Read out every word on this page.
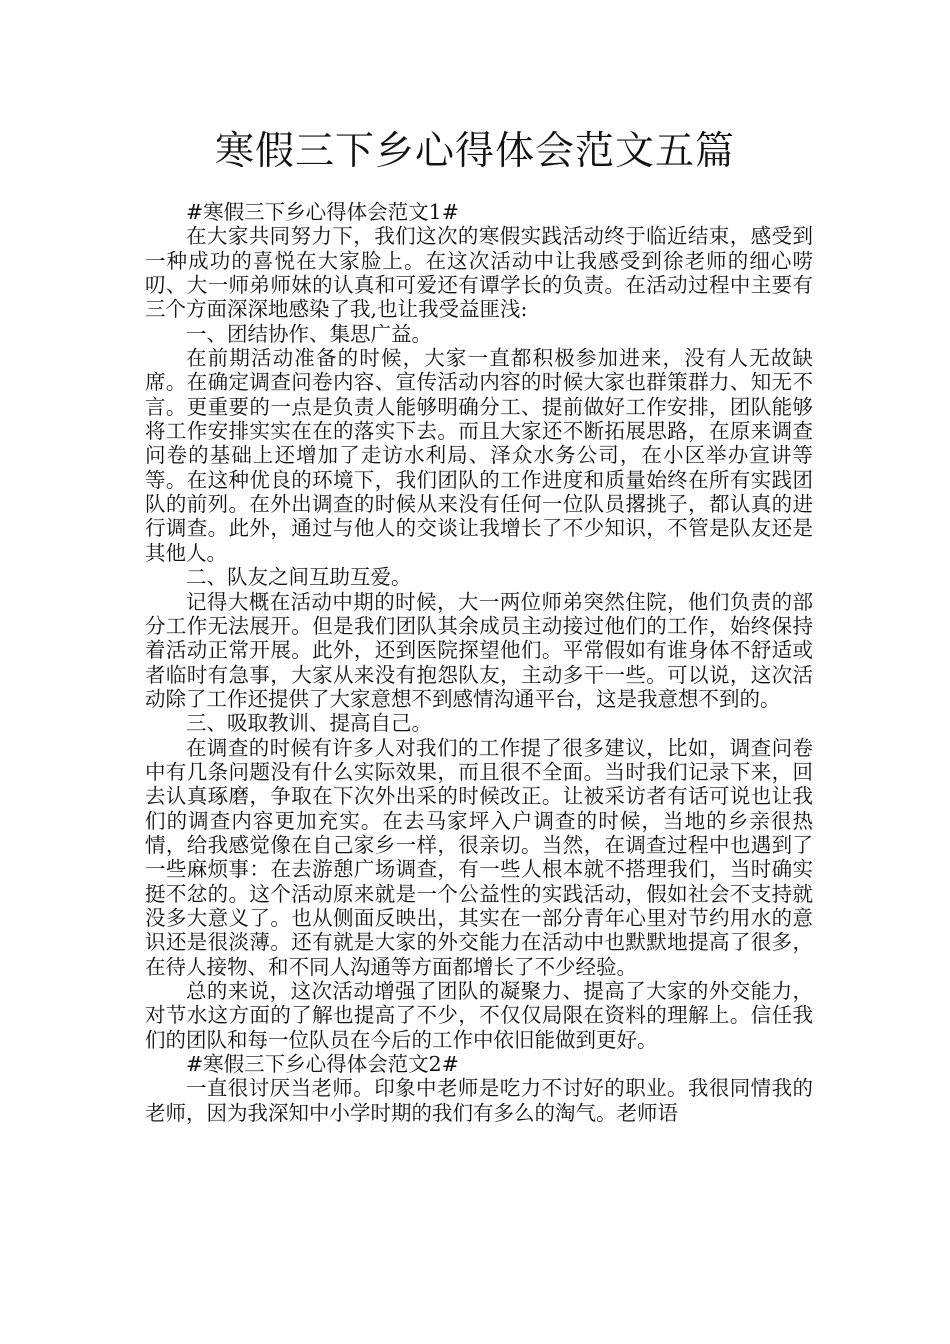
寒假三下乡心得体会范文五篇

#寒假三下乡心得体会范文1#

在大家共同努力下，我们这次的寒假实践活动终于临近结束，感受到一种成功的喜悦在大家脸上。在这次活动中让我感受到徐老师的细心唠叨、大一师弟师妹的认真和可爱还有谭学长的负责。在活动过程中主要有三个方面深深地感染了我,也让我受益匪浅:

一、团结协作、集思广益。

在前期活动准备的时候，大家一直都积极参加进来，没有人无故缺席。在确定调查问卷内容、宣传活动内容的时候大家也群策群力、知无不言。更重要的一点是负责人能够明确分工、提前做好工作安排，团队能够将工作安排实实在在的落实下去。而且大家还不断拓展思路，在原来调查问卷的基础上还增加了走访水利局、泽众水务公司，在小区举办宣讲等等。在这种优良的环境下，我们团队的工作进度和质量始终在所有实践团队的前列。在外出调查的时候从来没有任何一位队员撂挑子，都认真的进行调查。此外，通过与他人的交谈让我增长了不少知识，不管是队友还是其他人。

二、队友之间互助互爱。

记得大概在活动中期的时候，大一两位师弟突然住院，他们负责的部分工作无法展开。但是我们团队其余成员主动接过他们的工作，始终保持着活动正常开展。此外，还到医院探望他们。平常假如有谁身体不舒适或者临时有急事，大家从来没有抱怨队友，主动多干一些。可以说，这次活动除了工作还提供了大家意想不到感情沟通平台，这是我意想不到的。

三、吸取教训、提高自己。

在调查的时候有许多人对我们的工作提了很多建议，比如，调查问卷中有几条问题没有什么实际效果，而且很不全面。当时我们记录下来，回去认真琢磨，争取在下次外出采的时候改正。让被采访者有话可说也让我们的调查内容更加充实。在去马家坪入户调查的时候，当地的乡亲很热情，给我感觉像在自己家乡一样，很亲切。当然，在调查过程中也遇到了一些麻烦事：在去游憩广场调查，有一些人根本就不搭理我们，当时确实挺不忿的。这个活动原来就是一个公益性的实践活动，假如社会不支持就没多大意义了。也从侧面反映出，其实在一部分青年心里对节约用水的意识还是很淡薄。还有就是大家的外交能力在活动中也默默地提高了很多，在待人接物、和不同人沟通等方面都增长了不少经验。

总的来说，这次活动增强了团队的凝聚力、提高了大家的外交能力，对节水这方面的了解也提高了不少，不仅仅局限在资料的理解上。信任我们的团队和每一位队员在今后的工作中依旧能做到更好。

#寒假三下乡心得体会范文2#

一直很讨厌当老师。印象中老师是吃力不讨好的职业。我很同情我的老师，因为我深知中小学时期的我们有多么的淘气。老师语
